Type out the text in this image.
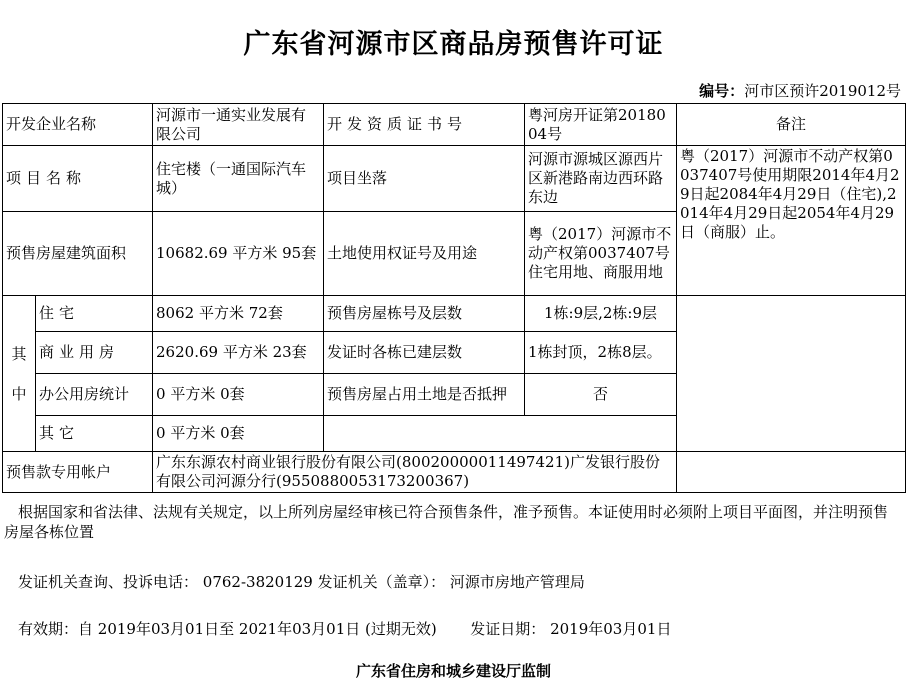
广东省河源市区商品房预售许可证
编号：河市区预许2019012号
开发企业名称		河源市一通实业发展有限公司	开发资质证书号	粤河房开证第2018004号	备注
项目名称		住宅楼（一通国际汽车城）	项目坐落	河源市源城区源西片区新港路南边西环路东边	粤（2017）河源市不动产权第0037407号使用期限2014年4月29日起2084年4月29日（住宅),2014年4月29日起2054年4月29日（商服）止。
预售房屋建筑面积		10682.69 平方米 95套	土地使用权证号及用途	粤（2017）河源市不动产权第0037407号 住宅用地、商服用地	

其
中	住宅	8062 平方米 72套	预售房屋栋号及层数	1栋:9层,2栋:9层	
	商业用房	2620.69 平方米 23套	发证时各栋已建层数	1栋封顶，2栋8层。	
	办公用房统计	0 平方米 0套	预售房屋占用土地是否抵押	否	
	其它	0 平方米 0套			
预售款专用帐户		广东东源农村商业银行股份有限公司(80020000011497421)广发银行股份有限公司河源分行(9550880053173200367)			
根据国家和省法律、法规有关规定，以上所列房屋经审核已符合预售条件，准予预售。本证使用时必须附上项目平面图，并注明预售房屋各栋位置
发证机关查询、投诉电话： 0762-3820129 发证机关（盖章）： 河源市房地产管理局
有效期：自 2019年03月01日至 2021年03月01日 (过期无效) 发证日期： 2019年03月01日
广东省住房和城乡建设厅监制
